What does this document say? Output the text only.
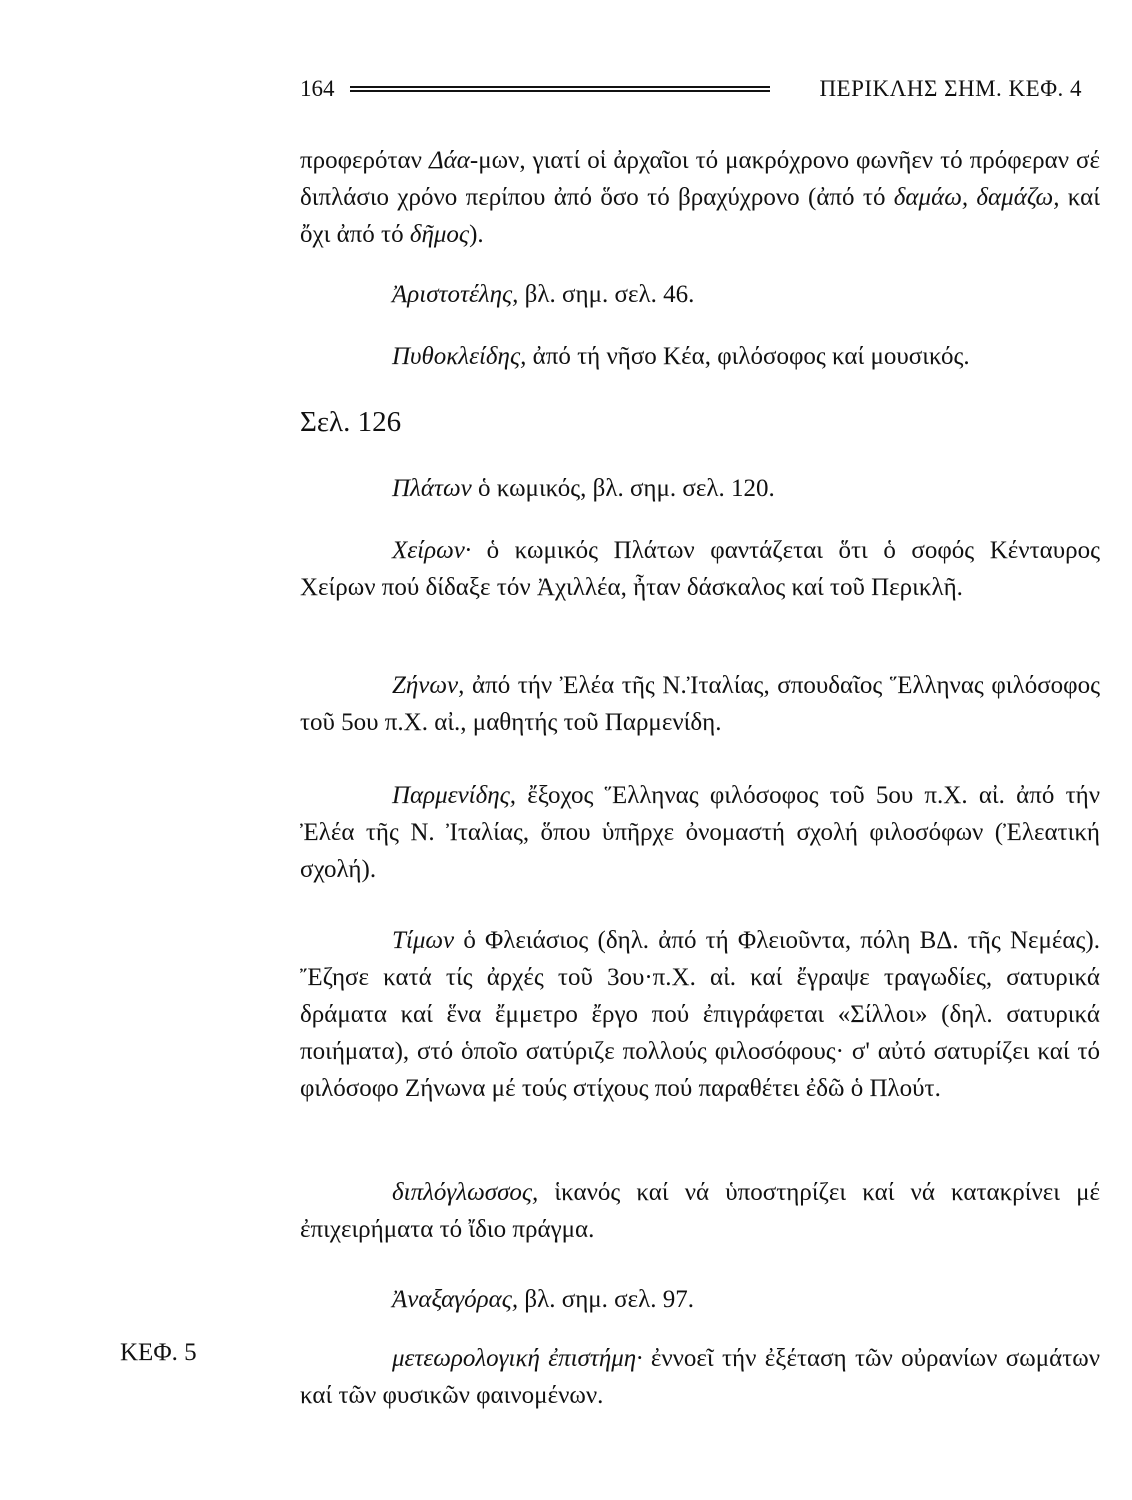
164	ΠΕΡΙΚΛΗΣ ΣΗΜ. ΚΕΦ. 4

προφερόταν Δάα-μων, γιατί οἱ ἀρχαῖοι τό μακρόχρονο φωνῆεν τό πρόφεραν σέ διπλάσιο χρόνο περίπου ἀπό ὅσο τό βραχύχρονο (ἀπό τό δαμάω, δαμάζω, καί ὄχι ἀπό τό δῆμος).

Ἀριστοτέλης, βλ. σημ. σελ. 46.

Πυθοκλείδης, ἀπό τή νῆσο Κέα, φιλόσοφος καί μουσικός.

Σελ. 126

Πλάτων ὁ κωμικός, βλ. σημ. σελ. 120.

Χείρων· ὁ κωμικός Πλάτων φαντάζεται ὅτι ὁ σοφός Κένταυρος Χείρων πού δίδαξε τόν Ἀχιλλέα, ἦταν δάσκαλος καί τοῦ Περικλῆ.

Ζήνων, ἀπό τήν Ἐλέα τῆς Ν.Ἰταλίας, σπουδαῖος Ἕλληνας φιλόσοφος τοῦ 5ου π.Χ. αἰ., μαθητής τοῦ Παρμενίδη.

Παρμενίδης, ἔξοχος Ἕλληνας φιλόσοφος τοῦ 5ου π.Χ. αἰ. ἀπό τήν Ἐλέα τῆς Ν. Ἰταλίας, ὅπου ὑπῆρχε ὀνομαστή σχολή φιλοσόφων (Ἐλεατική σχολή).

Τίμων ὁ Φλειάσιος (δηλ. ἀπό τή Φλειοῦντα, πόλη ΒΔ. τῆς Νεμέας). Ἔζησε κατά τίς ἀρχές τοῦ 3ου·π.Χ. αἰ. καί ἔγραψε τραγωδίες, σατυρικά δράματα καί ἕνα ἔμμετρο ἔργο πού ἐπιγράφεται «Σίλλοι» (δηλ. σατυρικά ποιήματα), στό ὁποῖο σατύριζε πολλούς φιλοσόφους· σ' αὐτό σατυρίζει καί τό φιλόσοφο Ζήνωνα μέ τούς στίχους πού παραθέτει ἐδῶ ὁ Πλούτ.

διπλόγλωσσος, ἱκανός καί νά ὑποστηρίζει καί νά κατακρίνει μέ ἐπιχειρήματα τό ἴδιο πράγμα.

Ἀναξαγόρας, βλ. σημ. σελ. 97.

ΚΕΦ. 5	μετεωρολογική ἐπιστήμη· ἐννοεῖ τήν ἐξέταση τῶν οὐρανίων σωμάτων καί τῶν φυσικῶν φαινομένων.
